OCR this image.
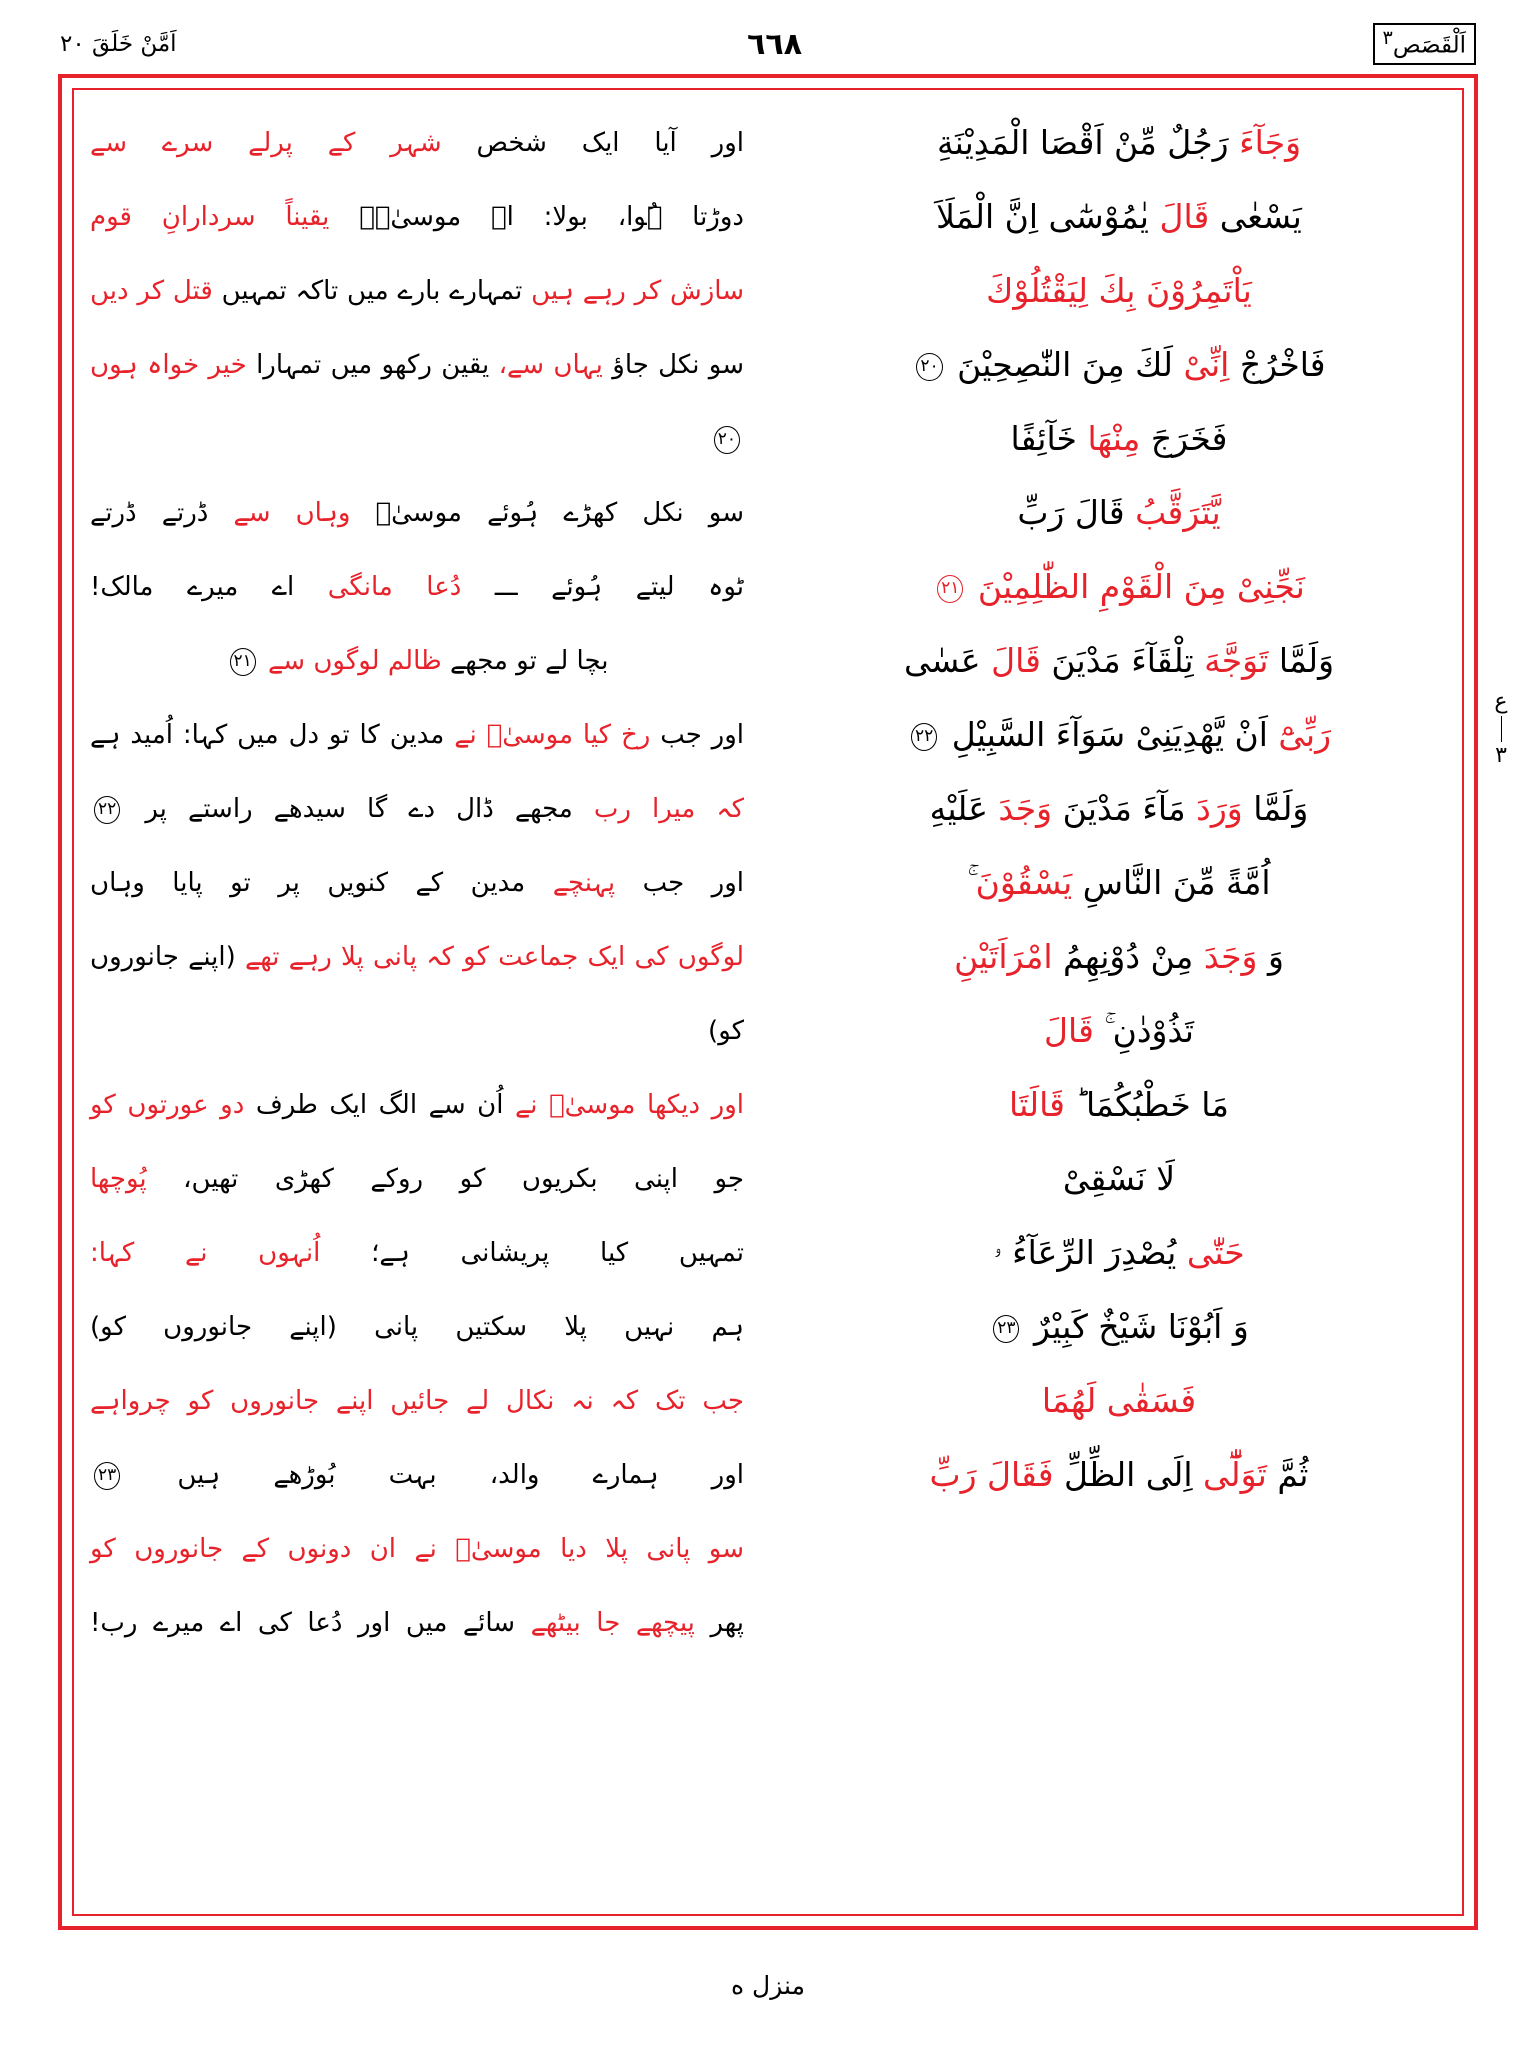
اَلْقَصَص$^٣$
٦٦٨
اَمَّنْ خَلَقَ ٢٠
ع
٣
وَجَآءَ رَجُلٌ مِّنْ اَقْصَا الْمَدِيْنَةِ
يَسْعٰى قَالَ يٰمُوْسٰٓى اِنَّ الْمَلَاَ
يَاْتَمِرُوْنَ بِكَ لِيَقْتُلُوْكَ
فَاخْرُجْ اِنِّىْ لَكَ مِنَ النّٰصِحِيْنَ ٢٠
فَخَرَجَ مِنْهَا خَآئِفًا
يَّتَرَقَّبُ قَالَ رَبِّ
نَجِّنِىْ مِنَ الْقَوْمِ الظّٰلِمِيْنَ ٢١
وَلَمَّا تَوَجَّهَ تِلْقَآءَ مَدْيَنَ قَالَ عَسٰى
رَبِّىْٓ اَنْ يَّهْدِيَنِىْ سَوَآءَ السَّبِيْلِ ٢٢
وَلَمَّا وَرَدَ مَآءَ مَدْيَنَ وَجَدَ عَلَيْهِ
اُمَّةً مِّنَ النَّاسِ يَسْقُوْنَ
وَ وَجَدَ مِنْ دُوْنِهِمُ امْرَاَتَيْنِ
تَذُوْدٰنِ قَالَ
مَا خَطْبُكُمَا قَالَتَا
لَا نَسْقِىْ
حَتّٰى يُصْدِرَ الرِّعَآءُ ۥ
وَ اَبُوْنَا شَيْخٌ كَبِيْرٌ ٢٣
فَسَقٰى لَهُمَا
ثُمَّ تَوَلّٰٓى اِلَى الظِّلِّ فَقَالَ رَبِّ
اور آیا ایک شخص شہر کے پرلے سرے سے
دوڑتا ہُوا، بولا: اے موسیٰؑ۔ یقیناً سردارانِ قوم
سازش کر رہے ہیں تمہارے بارے میں تاکہ تمہیں قتل کر دیں
سو نکل جاؤ یہاں سے، یقین رکھو میں تمہارا خیر خواہ ہوں ٢٠
سو نکل کھڑے ہُوئے موسیٰؑ وہاں سے ڈرتے ڈرتے
ٹوہ لیتے ہُوئے ـــ دُعا مانگی اے میرے مالک!
بچا لے تو مجھے ظالم لوگوں سے ٢١
اور جب رخ کیا موسیٰؑ نے مدین کا تو دل میں کہا: اُمید ہے
کہ میرا رب مجھے ڈال دے گا سیدھے راستے پر ٢٢
اور جب پہنچے مدین کے کنویں پر تو پایا وہاں
لوگوں کی ایک جماعت کو کہ پانی پلا رہے تھے (اپنے جانوروں کو)
اور دیکھا موسیٰؑ نے اُن سے الگ ایک طرف دو عورتوں کو
جو اپنی بکریوں کو روکے کھڑی تھیں، پُوچھا
تمہیں کیا پریشانی ہے؛ اُنہوں نے کہا:
ہم نہیں پلا سکتیں پانی (اپنے جانوروں کو)
جب تک کہ نہ نکال لے جائیں اپنے جانوروں کو چرواہے
اور ہمارے والد، بہت بُوڑھے ہیں ٢٣
سو پانی پلا دیا موسیٰؑ نے ان دونوں کے جانوروں کو
پھر پیچھے جا بیٹھے سائے میں اور دُعا کی اے میرے رب!
منزل ه
